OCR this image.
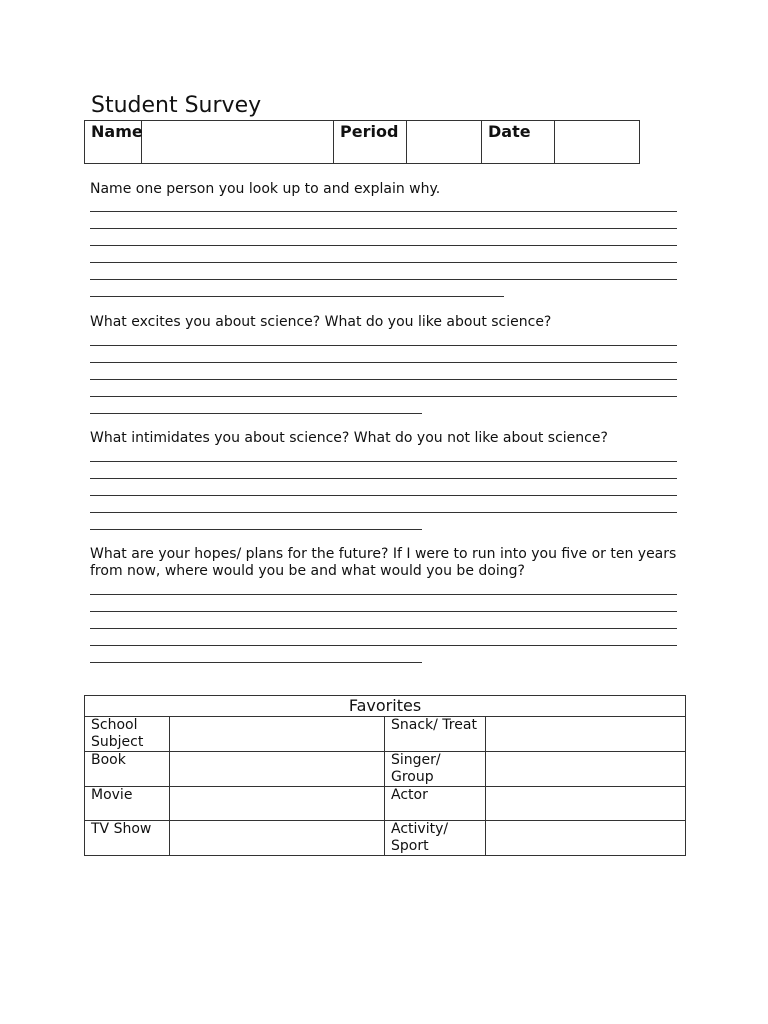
Student Survey
Name		Period		Date	
Name one person you look up to and explain why.
What excites you about science? What do you like about science?
What intimidates you about science? What do you not like about science?
What are your hopes/ plans for the future? If I were to run into you five or ten years from now, where would you be and what would you be doing?
Favorites			
School Subject		Snack/ Treat	
Book		Singer/ Group	
Movie		Actor	
TV Show		Activity/ Sport	
